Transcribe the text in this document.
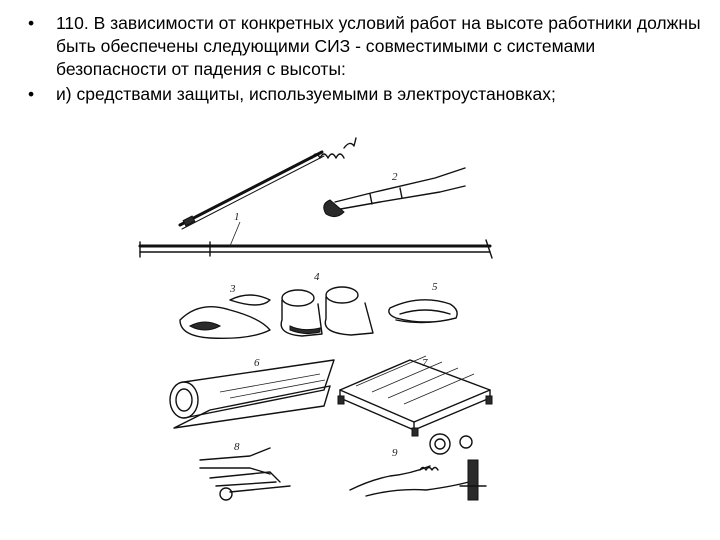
• 110. В зависимости от конкретных условий работ на высоте работники должны быть обеспечены следующими СИЗ - совместимыми с системами безопасности от падения с высоты:
• и) средствами защиты, используемыми в электроустановках;
1
2
3
4
5
6	7
8	9
